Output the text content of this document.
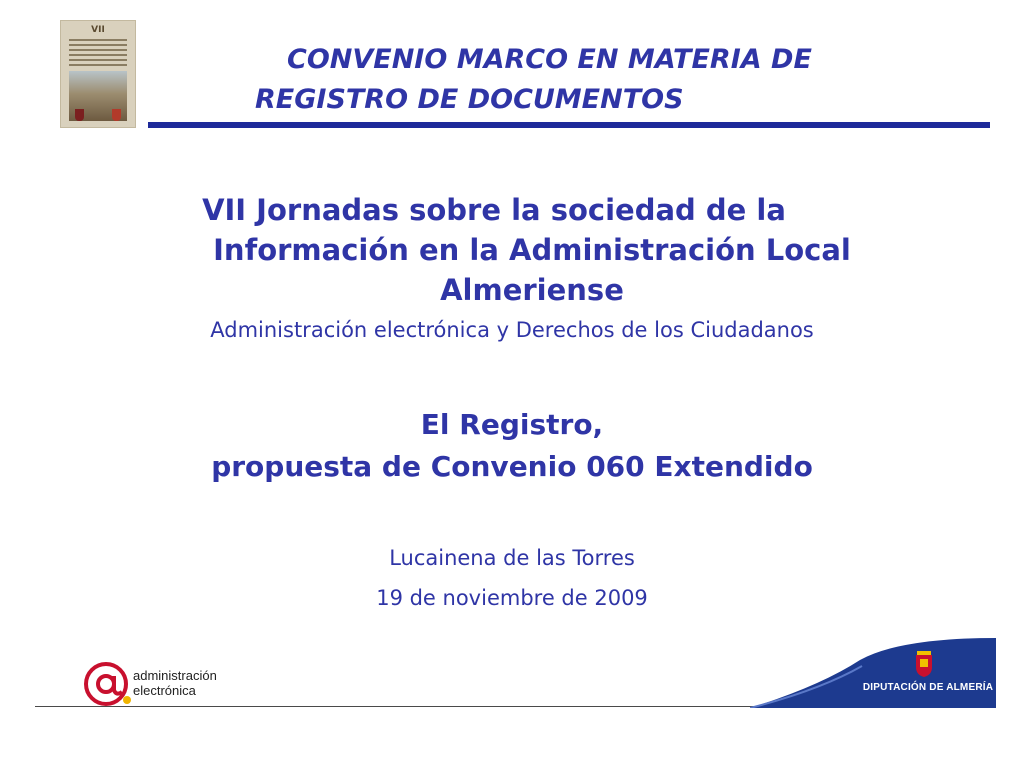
VII
CONVENIO MARCO EN MATERIA DE
REGISTRO DE DOCUMENTOS
VII Jornadas sobre la sociedad de la
Información en la Administración Local
Almeriense

Administración electrónica y Derechos de los Ciudadanos

El Registro,
propuesta de Convenio 060 Extendido

Lucainena de las Torres
19 de noviembre de 2009

administración
electrónica	DIPUTACIÓN DE ALMERÍA
